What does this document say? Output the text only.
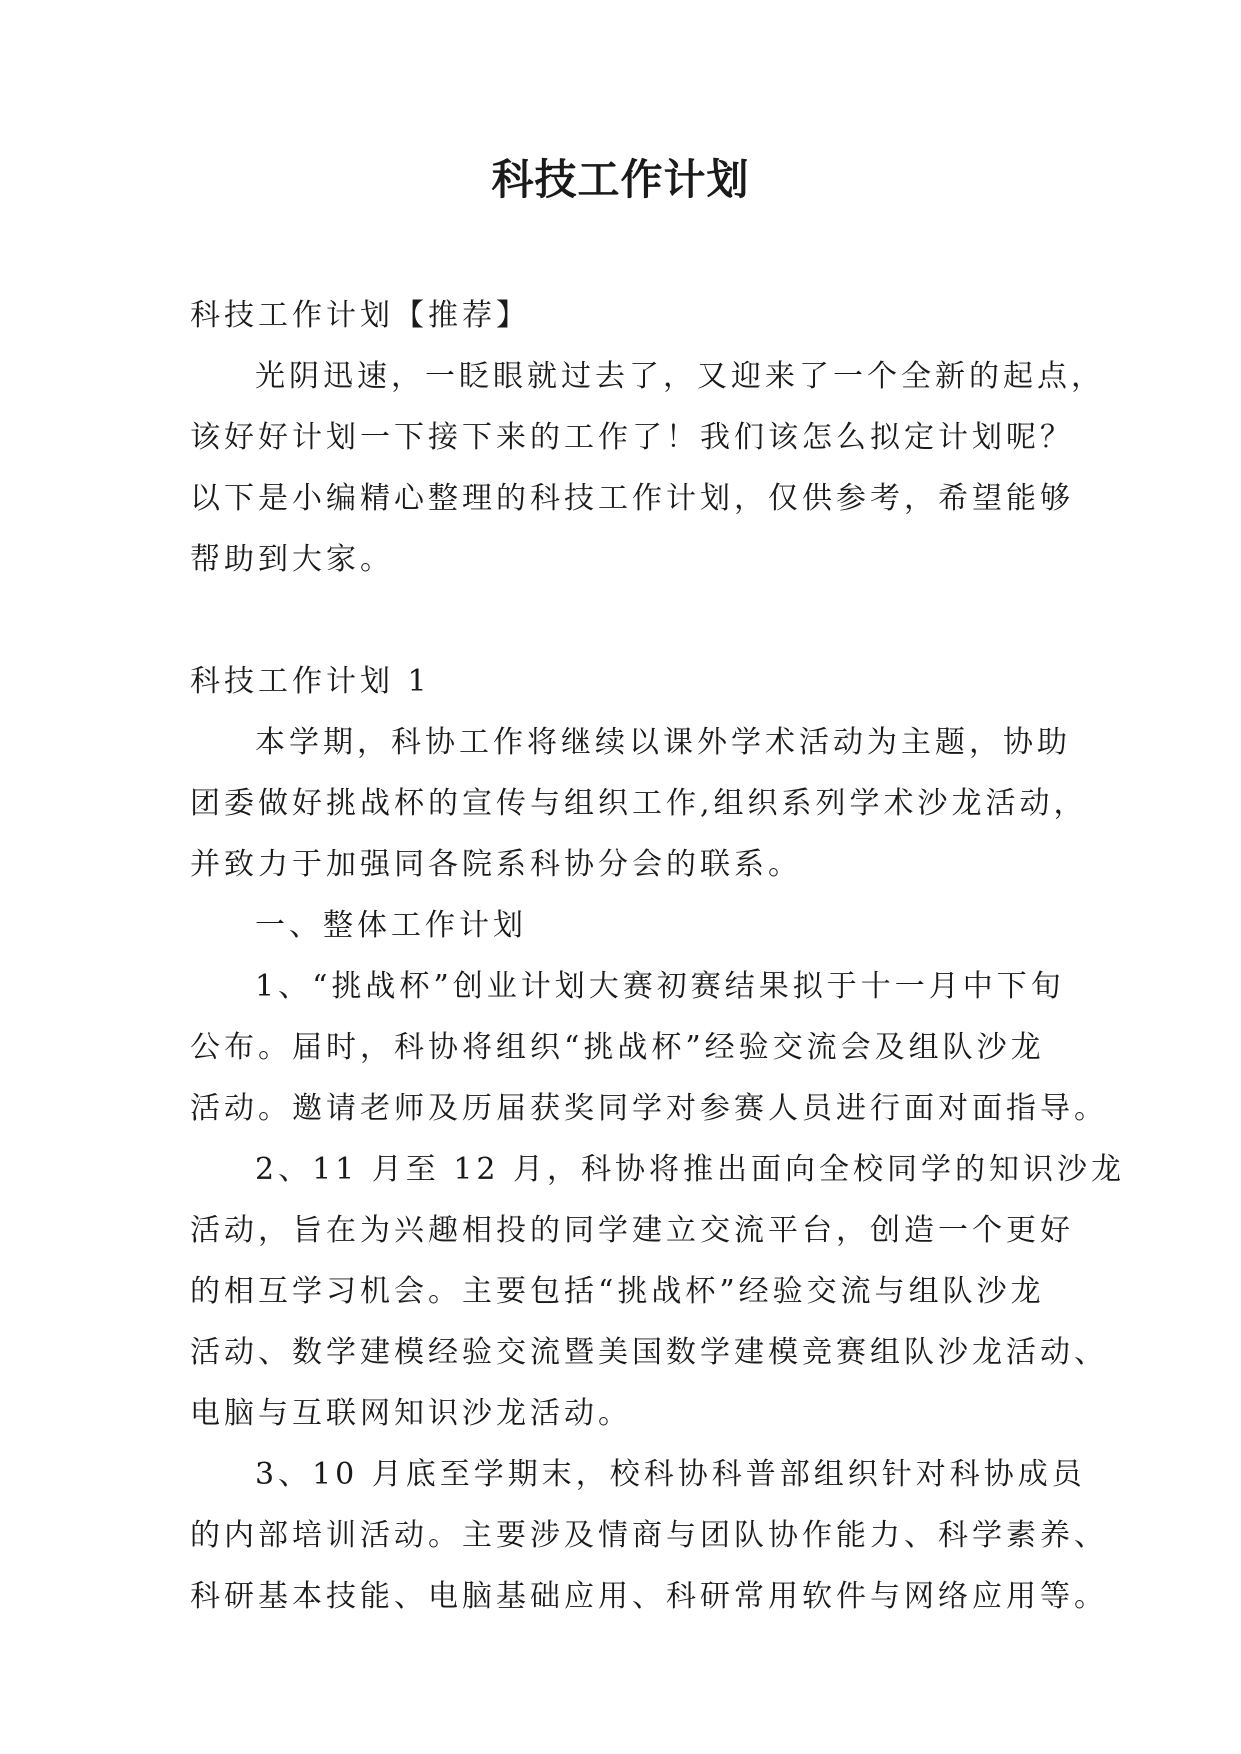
科技工作计划

科技工作计划【推荐】

光阴迅速，一眨眼就过去了，又迎来了一个全新的起点，

该好好计划一下接下来的工作了！我们该怎么拟定计划呢？

以下是小编精心整理的科技工作计划，仅供参考，希望能够

帮助到大家。

科技工作计划 1

本学期，科协工作将继续以课外学术活动为主题，协助

团委做好挑战杯的宣传与组织工作,组织系列学术沙龙活动，

并致力于加强同各院系科协分会的联系。

一、整体工作计划

1、“挑战杯”创业计划大赛初赛结果拟于十一月中下旬

公布。届时，科协将组织“挑战杯”经验交流会及组队沙龙

活动。邀请老师及历届获奖同学对参赛人员进行面对面指导。

2、11 月至 12 月，科协将推出面向全校同学的知识沙龙

活动，旨在为兴趣相投的同学建立交流平台，创造一个更好

的相互学习机会。主要包括“挑战杯”经验交流与组队沙龙

活动、数学建模经验交流暨美国数学建模竞赛组队沙龙活动、

电脑与互联网知识沙龙活动。

3、10 月底至学期末，校科协科普部组织针对科协成员

的内部培训活动。主要涉及情商与团队协作能力、科学素养、

科研基本技能、电脑基础应用、科研常用软件与网络应用等。
